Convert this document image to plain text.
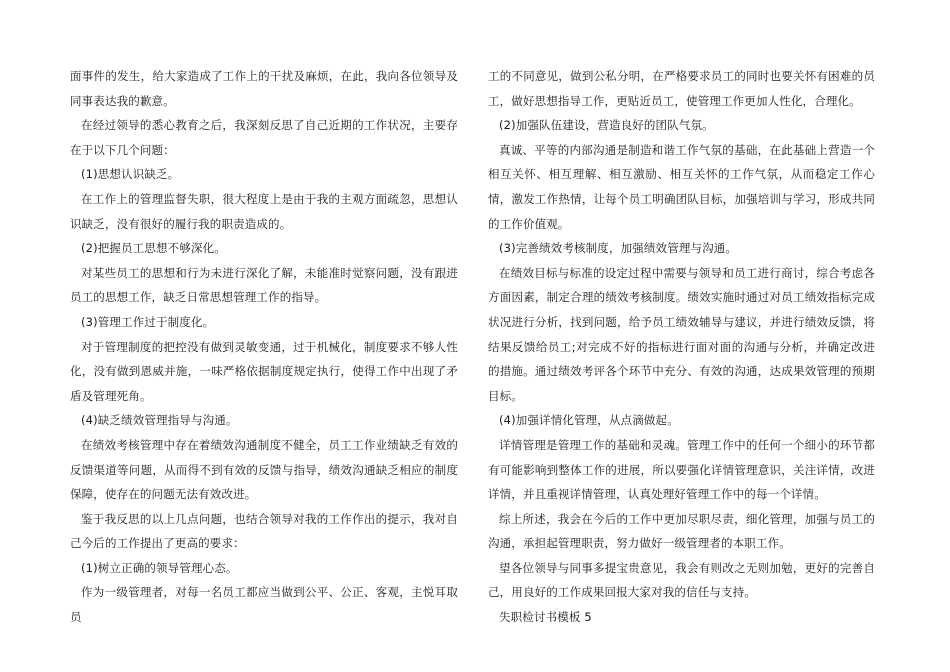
面事件的发生，给大家造成了工作上的干扰及麻烦，在此，我向各位领导及同事表达我的歉意。

在经过领导的悉心教育之后，我深刻反思了自己近期的工作状况，主要存在于以下几个问题：

(1)思想认识缺乏。

在工作上的管理监督失职，很大程度上是由于我的主观方面疏忽，思想认识缺乏，没有很好的履行我的职责造成的。

(2)把握员工思想不够深化。

对某些员工的思想和行为未进行深化了解，未能准时觉察问题，没有跟进员工的思想工作，缺乏日常思想管理工作的指导。

(3)管理工作过于制度化。

对于管理制度的把控没有做到灵敏变通，过于机械化，制度要求不够人性化，没有做到恩威并施，一味严格依据制度规定执行，使得工作中出现了矛盾及管理死角。

(4)缺乏绩效管理指导与沟通。

在绩效考核管理中存在着绩效沟通制度不健全，员工工作业绩缺乏有效的反馈渠道等问题，从而得不到有效的反馈与指导，绩效沟通缺乏相应的制度保障，使存在的问题无法有效改进。

鉴于我反思的以上几点问题，也结合领导对我的工作作出的提示，我对自己今后的工作提出了更高的要求：

(1)树立正确的领导管理心态。

作为一级管理者，对每一名员工都应当做到公平、公正、客观，主悦耳取员

工的不同意见，做到公私分明，在严格要求员工的同时也要关怀有困难的员工，做好思想指导工作，更贴近员工，使管理工作更加人性化，合理化。

(2)加强队伍建设，营造良好的团队气氛。

真诚、平等的内部沟通是制造和谐工作气氛的基础，在此基础上营造一个相互关怀、相互理解、相互激励、相互关怀的工作气氛，从而稳定工作心情，激发工作热情，让每个员工明确团队目标，加强培训与学习，形成共同的工作价值观。

(3)完善绩效考核制度，加强绩效管理与沟通。

在绩效目标与标准的设定过程中需要与领导和员工进行商讨，综合考虑各方面因素，制定合理的绩效考核制度。绩效实施时通过对员工绩效指标完成状况进行分析，找到问题，给予员工绩效辅导与建议，并进行绩效反馈，将结果反馈给员工;对完成不好的指标进行面对面的沟通与分析，并确定改进的措施。通过绩效考评各个环节中充分、有效的沟通，达成果效管理的预期目标。

(4)加强详情化管理，从点滴做起。

详情管理是管理工作的基础和灵魂。管理工作中的任何一个细小的环节都有可能影响到整体工作的进展，所以要强化详情管理意识，关注详情，改进详情，并且重视详情管理，认真处理好管理工作中的每一个详情。

综上所述，我会在今后的工作中更加尽职尽责，细化管理，加强与员工的沟通，承担起管理职责，努力做好一级管理者的本职工作。

望各位领导与同事多提宝贵意见，我会有则改之无则加勉，更好的完善自己，用良好的工作成果回报大家对我的信任与支持。

失职检讨书模板 5
